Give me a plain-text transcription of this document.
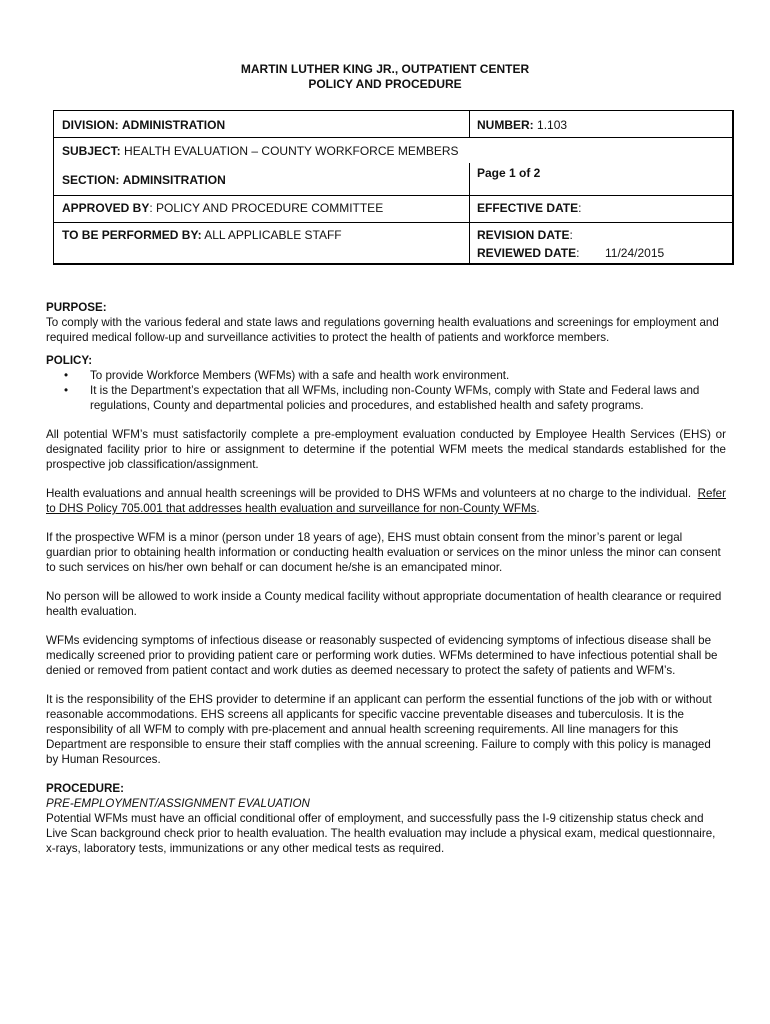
MARTIN LUTHER KING JR., OUTPATIENT CENTER
POLICY AND PROCEDURE
DIVISION: ADMINISTRATION	NUMBER: 1.103
SUBJECT: HEALTH EVALUATION – COUNTY WORKFORCE MEMBERS
SECTION: ADMINSITRATION	Page 1 of 2
APPROVED BY: POLICY AND PROCEDURE COMMITTEE	EFFECTIVE DATE:
TO BE PERFORMED BY: ALL APPLICABLE STAFF	REVISION DATE:
REVIEWED DATE: 11/24/2015

PURPOSE:

To comply with the various federal and state laws and regulations governing health evaluations and screenings for employment and required medical follow-up and surveillance activities to protect the health of patients and workforce members.

POLICY:

• To provide Workforce Members (WFMs) with a safe and health work environment.
• It is the Department’s expectation that all WFMs, including non-County WFMs, comply with State and Federal laws and regulations, County and departmental policies and procedures, and established health and safety programs.

All potential WFM’s must satisfactorily complete a pre-employment evaluation conducted by Employee Health Services (EHS) or designated facility prior to hire or assignment to determine if the potential WFM meets the medical standards established for the prospective job classification/assignment.

Health evaluations and annual health screenings will be provided to DHS WFMs and volunteers at no charge to the individual. Refer to DHS Policy 705.001 that addresses health evaluation and surveillance for non-County WFMs.

If the prospective WFM is a minor (person under 18 years of age), EHS must obtain consent from the minor’s parent or legal guardian prior to obtaining health information or conducting health evaluation or services on the minor unless the minor can consent to such services on his/her own behalf or can document he/she is an emancipated minor.

No person will be allowed to work inside a County medical facility without appropriate documentation of health clearance or required health evaluation.

WFMs evidencing symptoms of infectious disease or reasonably suspected of evidencing symptoms of infectious disease shall be medically screened prior to providing patient care or performing work duties. WFMs determined to have infectious potential shall be denied or removed from patient contact and work duties as deemed necessary to protect the safety of patients and WFM’s.

It is the responsibility of the EHS provider to determine if an applicant can perform the essential functions of the job with or without reasonable accommodations. EHS screens all applicants for specific vaccine preventable diseases and tuberculosis. It is the responsibility of all WFM to comply with pre-placement and annual health screening requirements. All line managers for this Department are responsible to ensure their staff complies with the annual screening. Failure to comply with this policy is managed by Human Resources.

PROCEDURE:

PRE-EMPLOYMENT/ASSIGNMENT EVALUATION

Potential WFMs must have an official conditional offer of employment, and successfully pass the I-9 citizenship status check and Live Scan background check prior to health evaluation. The health evaluation may include a physical exam, medical questionnaire, x-rays, laboratory tests, immunizations or any other medical tests as required.
